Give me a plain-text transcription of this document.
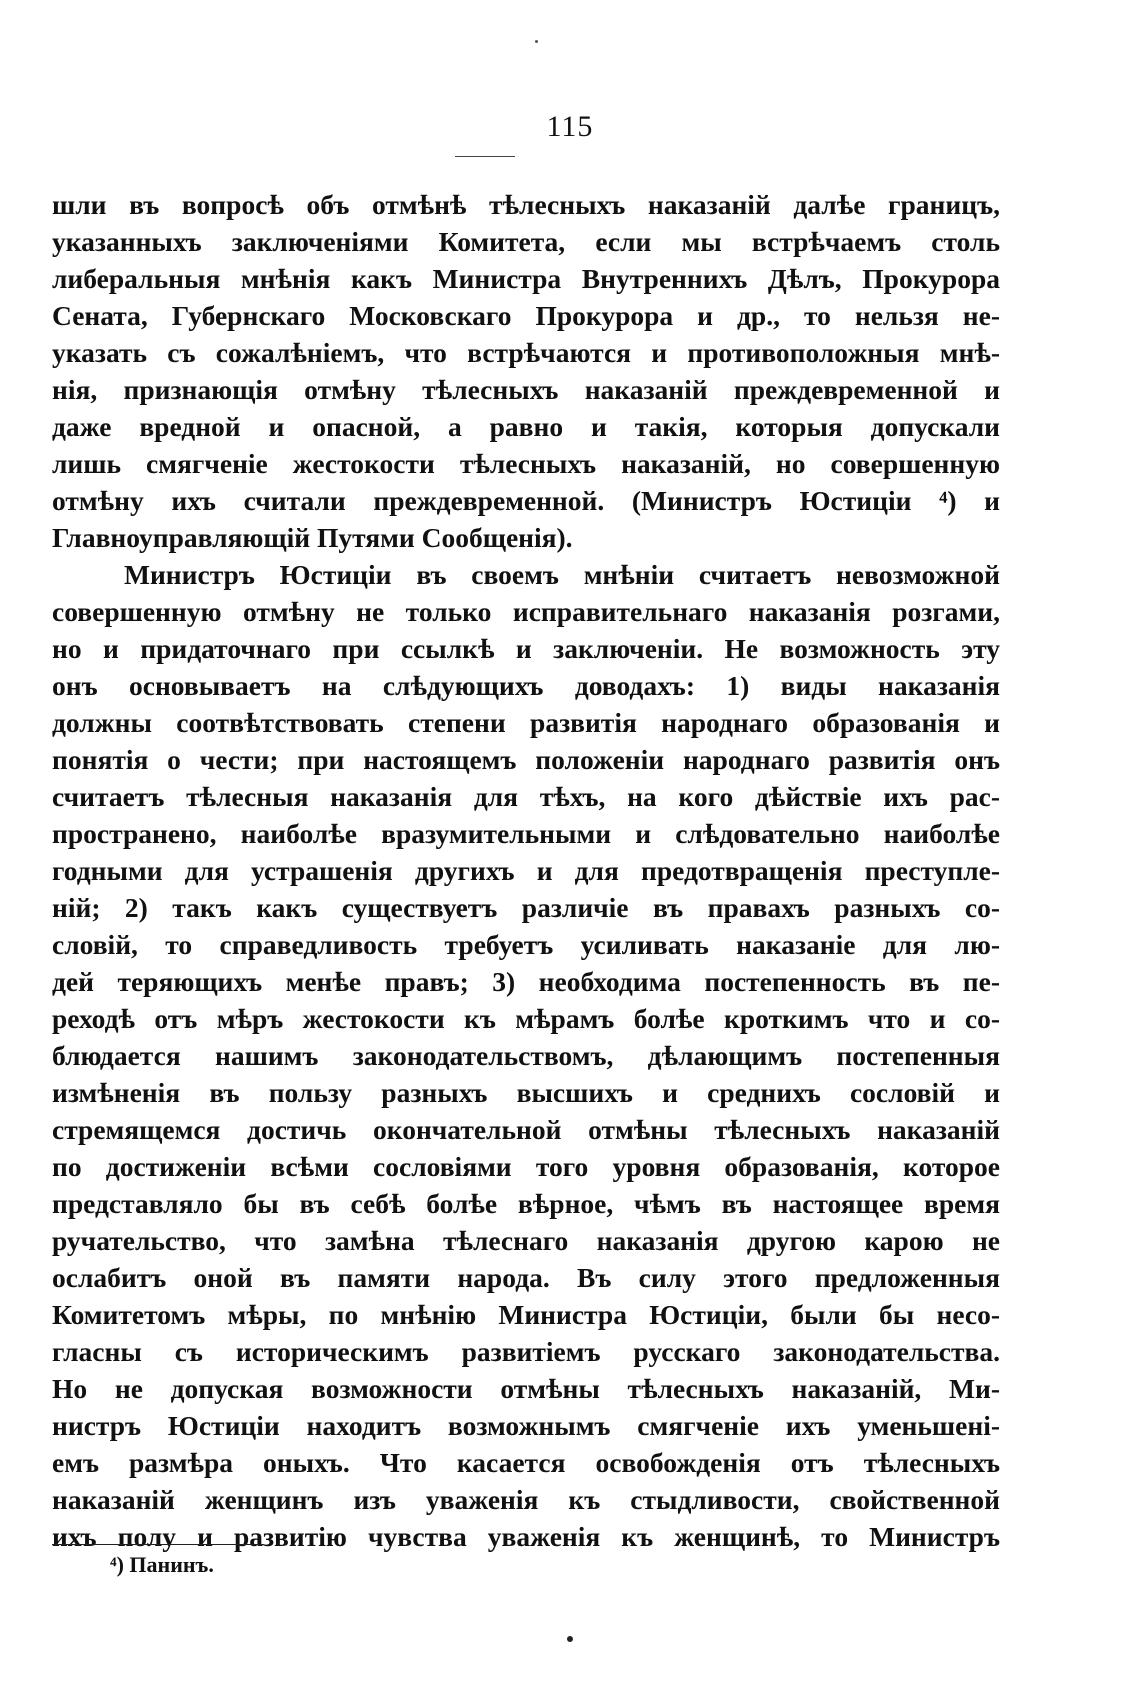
115
шли въ вопросѣ объ отмѣнѣ тѣлесныхъ наказаній далѣе границъ,
указанныхъ заключеніями Комитета, если мы встрѣчаемъ столь
либеральныя мнѣнія какъ Министра Внутреннихъ Дѣлъ, Прокурора
Сената, Губернскаго Московскаго Прокурора и др., то нельзя не-
указать съ сожалѣніемъ, что встрѣчаются и противоположныя мнѣ-
нія, признающія отмѣну тѣлесныхъ наказаній преждевременной и
даже вредной и опасной, а равно и такія, которыя допускали
лишь смягченіе жестокости тѣлесныхъ наказаній, но совершенную
отмѣну ихъ считали преждевременной. (Министръ Юстиціи ⁴) и
Главноуправляющій Путями Сообщенія).
Министръ Юстиціи въ своемъ мнѣніи считаетъ невозможной
совершенную отмѣну не только исправительнаго наказанія розгами,
но и придаточнаго при ссылкѣ и заключеніи. Не возможность эту
онъ основываетъ на слѣдующихъ доводахъ: 1) виды наказанія
должны соотвѣтствовать степени развитія народнаго образованія и
понятія о чести; при настоящемъ положеніи народнаго развитія онъ
считаетъ тѣлесныя наказанія для тѣхъ, на кого дѣйствіе ихъ рас-
пространено, наиболѣе вразумительными и слѣдовательно наиболѣе
годными для устрашенія другихъ и для предотвращенія преступле-
ній; 2) такъ какъ существуетъ различіе въ правахъ разныхъ со-
словій, то справедливость требуетъ усиливать наказаніе для лю-
дей теряющихъ менѣе правъ; 3) необходима постепенность въ пе-
реходѣ отъ мѣръ жестокости къ мѣрамъ болѣе кроткимъ что и со-
блюдается нашимъ законодательствомъ, дѣлающимъ постепенныя
измѣненія въ пользу разныхъ высшихъ и среднихъ сословій и
стремящемся достичь окончательной отмѣны тѣлесныхъ наказаній
по достиженіи всѣми сословіями того уровня образованія, которое
представляло бы въ себѣ болѣе вѣрное, чѣмъ въ настоящее время
ручательство, что замѣна тѣлеснаго наказанія другою карою не
ослабитъ оной въ памяти народа. Въ силу этого предложенныя
Комитетомъ мѣры, по мнѣнію Министра Юстиціи, были бы несо-
гласны съ историческимъ развитіемъ русскаго законодательства.
Но не допуская возможности отмѣны тѣлесныхъ наказаній, Ми-
нистръ Юстиціи находитъ возможнымъ смягченіе ихъ уменьшені-
емъ размѣра оныхъ. Что касается освобожденія отъ тѣлесныхъ
наказаній женщинъ изъ уваженія къ стыдливости, свойственной
ихъ полу и развитію чувства уваженія къ женщинѣ, то Министръ
⁴) Панинъ.
